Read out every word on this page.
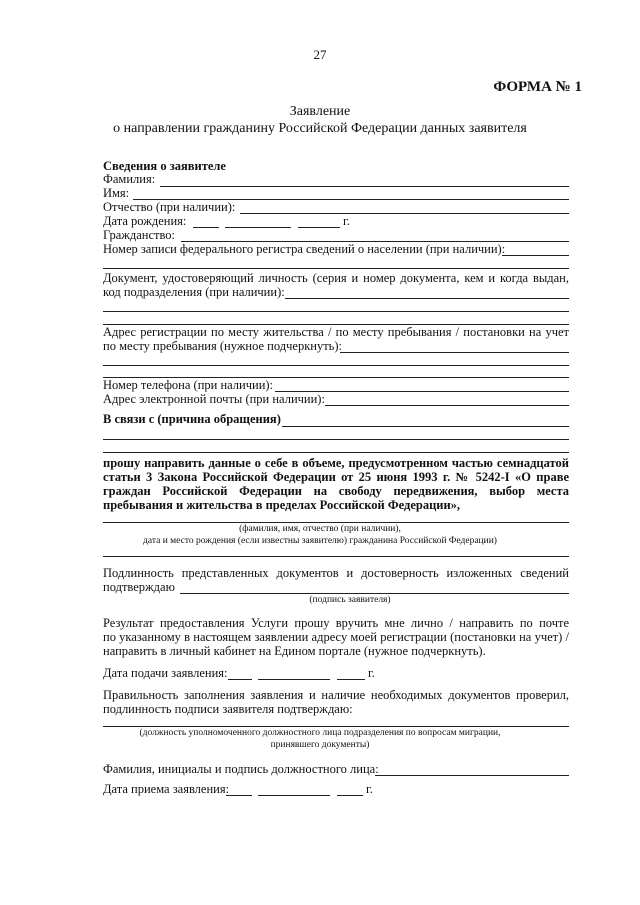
27
ФОРМА № 1
Заявление
о направлении гражданину Российской Федерации данных заявителя
Сведения о заявителе
Фамилия:
Имя:
Отчество (при наличии):
Дата рождения:	г.
Гражданство:
Номер записи федерального регистра сведений о населении (при наличии):
Документ, удостоверяющий личность (серия и номер документа, кем и когда выдан,
код подразделения (при наличии):
Адрес регистрации по месту жительства / по месту пребывания / постановки на учет
по месту пребывания (нужное подчеркнуть):
Номер телефона (при наличии):
Адрес электронной почты (при наличии):
В связи с (причина обращения)
прошу направить данные о себе в объеме, предусмотренном частью семнадцатой
статьи 3 Закона Российской Федерации от 25 июня 1993 г. № 5242-I «О праве
граждан Российской Федерации на свободу передвижения, выбор места
пребывания и жительства в пределах Российской Федерации»,
(фамилия, имя, отчество (при наличии),
дата и место рождения (если известны заявителю) гражданина Российской Федерации)
Подлинность представленных документов и достоверность изложенных сведений
подтверждаю
(подпись заявителя)
Результат предоставления Услуги прошу вручить мне лично / направить по почте
по указанному в настоящем заявлении адресу моей регистрации (постановки на учет) /
направить в личный кабинет на Едином портале (нужное подчеркнуть).
Дата подачи заявления:	г.
Правильность заполнения заявления и наличие необходимых документов проверил,
подлинность подписи заявителя подтверждаю:
(должность уполномоченного должностного лица подразделения по вопросам миграции,
принявшего документы)
Фамилия, инициалы и подпись должностного лица:
Дата приема заявления:	г.
